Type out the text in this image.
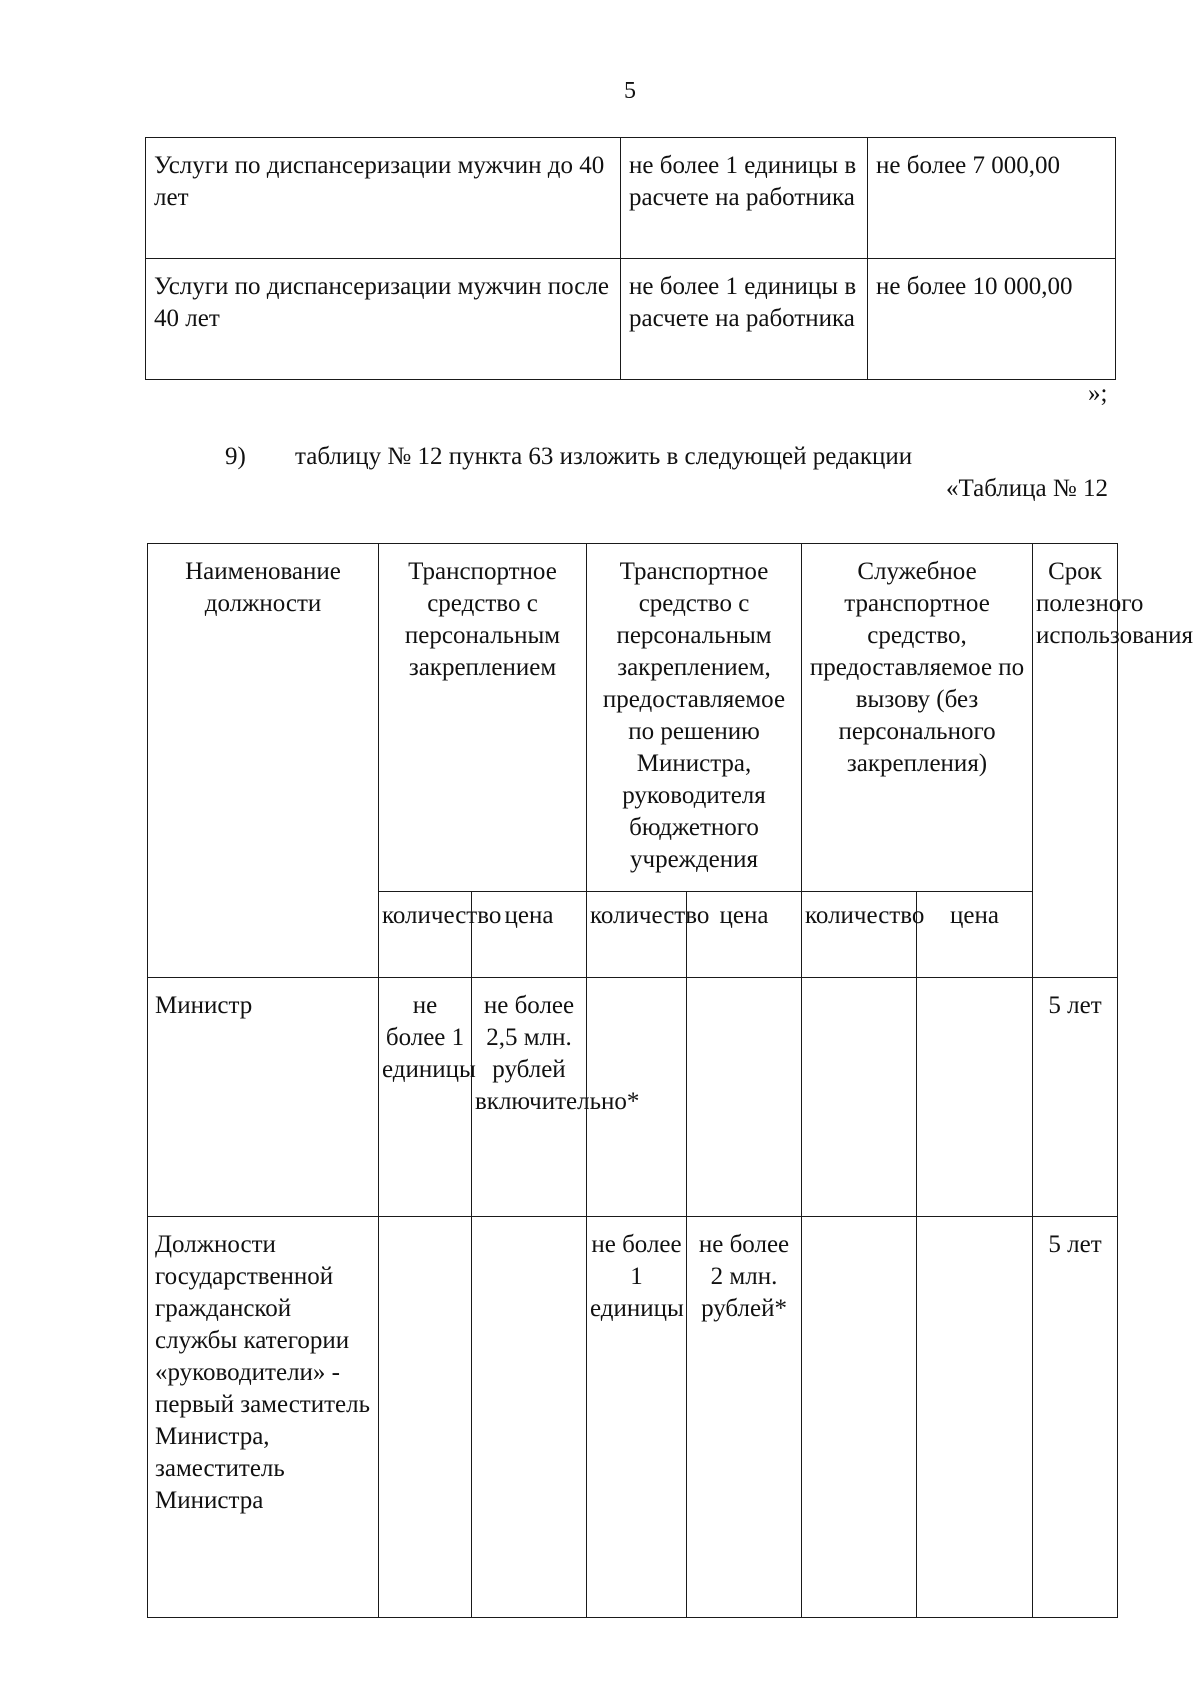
5
Услуги по диспансеризации мужчин до 40 лет	не более 1 единицы в расчете на работника	не более 7 000,00
Услуги по диспансеризации мужчин после 40 лет	не более 1 единицы в расчете на работника	не более 10 000,00
»;
9) таблицу № 12 пункта 63 изложить в следующей редакции
«Таблица № 12
Наименование должности	Транспортное средство с персональным закреплением		Транспортное средство с персональным закреплением, предоставляемое по решению Министра, руководителя бюджетного учреждения		Служебное транспортное средство, предоставляемое по вызову (без персонального закрепления)		Срок полезного использования
	количество	цена	количество	цена	количество	цена	
Министр	не более 1 единицы	не более 2,5 млн. рублей включительно*					5 лет
Должности государственной гражданской службы категории «руководители» - первый заместитель Министра, заместитель Министра			не более 1 единицы	не более 2 млн. рублей*			5 лет
